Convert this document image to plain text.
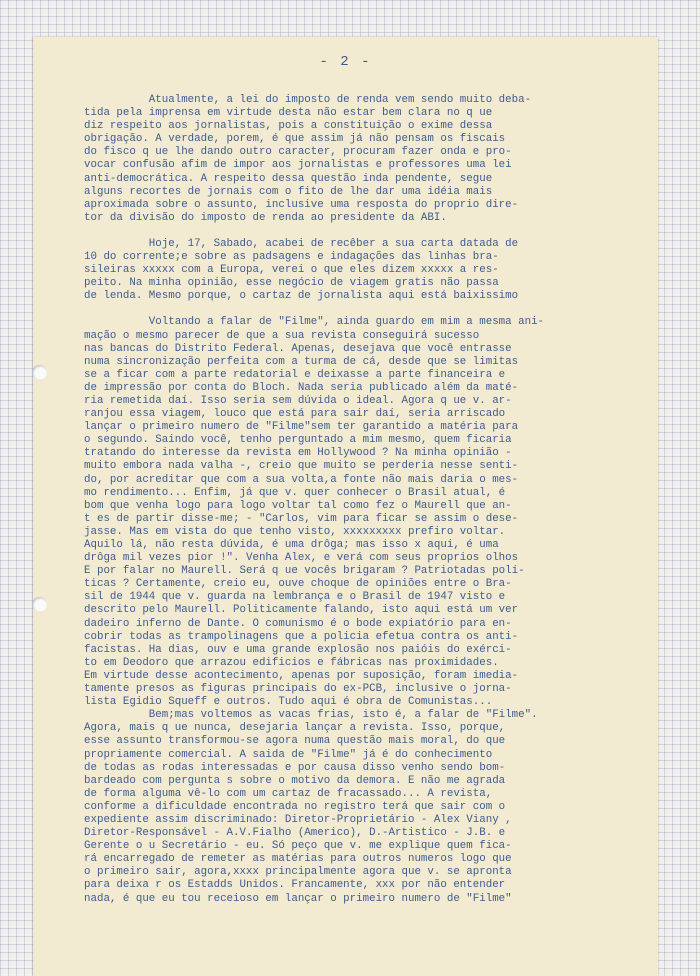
- 2 -
Atualmente, a lei do imposto de renda vem sendo muito deba-
tida pela imprensa em virtude desta não estar bem clara no q ue
diz respeito aos jornalistas, pois a constituição o exime dessa
obrigação. A verdade, porem, é que assim já não pensam os fiscais
do fisco q ue lhe dando outro caracter, procuram fazer onda e pro-
vocar confusão afim de impor aos jornalistas e professores uma lei
anti-democrática. A respeito dessa questão inda pendente, segue
alguns recortes de jornais com o fito de lhe dar uma idéia mais
aproximada sobre o assunto, inclusive uma resposta do proprio dire-
tor da divisão do imposto de renda ao presidente da ABI.
Hoje, 17, Sabado, acabei de recêber a sua carta datada de
10 do corrente;e sobre as padsagens e indagações das linhas bra-
sileiras xxxxx com a Europa, verei o que eles dizem xxxxx a res-
peito. Na minha opinião, esse negócio de viagem gratis não passa
de lenda. Mesmo porque, o cartaz de jornalista aqui está baixissimo
Voltando a falar de "Filme", ainda guardo em mim a mesma ani-
mação o mesmo parecer de que a sua revista conseguirá sucesso
nas bancas do Distrito Federal. Apenas, desejava que você entrasse
numa sincronização perfeita com a turma de cá, desde que se limitas
se a ficar com a parte redatorial e deixasse a parte financeira e
de impressão por conta do Bloch. Nada seria publicado além da maté-
ria remetida daí. Isso seria sem dúvida o ideal. Agora q ue v. ar-
ranjou essa viagem, louco que está para sair daí, seria arriscado
lançar o primeiro numero de "Filme"sem ter garantido a matéria para
o segundo. Saindo você, tenho perguntado a mim mesmo, quem ficaria
tratando do interesse da revista em Hollywood ? Na minha opinião -
muito embora nada valha -, creio que muito se perderia nesse senti-
do, por acreditar que com a sua volta,a fonte não mais daria o mes-
mo rendimento... Enfim, já que v. quer conhecer o Brasil atual, é
bom que venha logo para logo voltar tal como fez o Maurell que an-
t es de partir disse-me; - "Carlos, vim para ficar se assim o dese-
jasse. Mas em vista do que tenho visto, xxxxxxxxx prefiro voltar.
Aquilo lá, não resta dúvida, é uma drôga; mas isso x aqui, é uma
drôga mil vezes pior !". Venha Alex, e verá com seus proprios olhos
E por falar no Maurell. Será q ue vocês brigaram ? Patriotadas polí-
ticas ? Certamente, creio eu, ouve choque de opiniões entre o Bra-
sil de 1944 que v. guarda na lembrança e o Brasil de 1947 visto e
descrito pelo Maurell. Politicamente falando, isto aqui está um ver
dadeiro inferno de Dante. O comunismo é o bode expiatório para en-
cobrir todas as trampolinagens que a policia efetua contra os anti-
facistas. Ha dias, ouv e uma grande explosão nos paióis do exérci-
to em Deodoro que arrazou edificios e fábricas nas proximidades.
Em virtude desse acontecimento, apenas por suposição, foram imedia-
tamente presos as figuras principais do ex-PCB, inclusive o jorna-
lista Egidio Squeff e outros. Tudo aqui é obra de Comunistas...
Bem;mas voltemos as vacas frias, isto é, a falar de "Filme".
Agora, mais q ue nunca, desejaria lançar a revista. Isso, porque,
esse assunto transformou-se agora numa questão mais moral, do que
propriamente comercial. A saida de "Filme" já é do conhecimento
de todas as rodas interessadas e por causa disso venho sendo bom-
bardeado com pergunta s sobre o motivo da demora. E não me agrada
de forma alguma vê-lo com um cartaz de fracassado... A revista,
conforme a dificuldade encontrada no registro terá que sair com o
expediente assim discriminado: Diretor-Proprietário - Alex Viany ,
Diretor-Responsável - A.V.Fialho (Americo), D.-Artistico - J.B. e
Gerente o u Secretário - eu. Só peço que v. me explique quem fica-
rá encarregado de remeter as matérias para outros numeros logo que
o primeiro sair, agora,xxxx principalmente agora que v. se apronta
para deixa r os Estadds Unidos. Francamente, xxx por não entender
nada, é que eu tou receioso em lançar o primeiro numero de "Filme"
